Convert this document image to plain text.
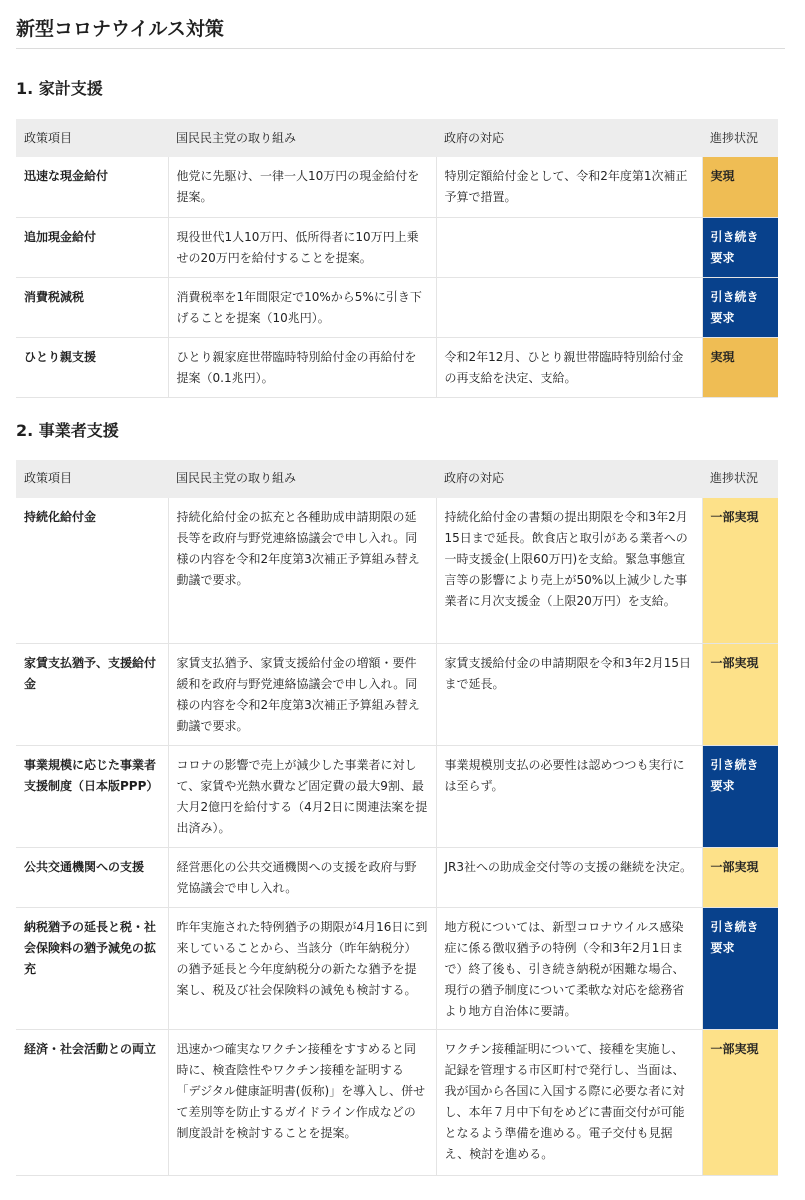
新型コロナウイルス対策
1. 家計支援
政策項目	国民民主党の取り組み	政府の対応	進捗状況
迅速な現金給付	他党に先駆け、一律一人10万円の現金給付を提案。	特別定額給付金として、令和2年度第1次補正予算で措置。	実現
追加現金給付	現役世代1人10万円、低所得者に10万円上乗せの20万円を給付することを提案。		引き続き要求
消費税減税	消費税率を1年間限定で10%から5%に引き下げることを提案（10兆円）。		引き続き要求
ひとり親支援	ひとり親家庭世帯臨時特別給付金の再給付を提案（0.1兆円）。	令和2年12月、ひとり親世帯臨時特別給付金の再支給を決定、支給。	実現
2. 事業者支援
政策項目	国民民主党の取り組み	政府の対応	進捗状況
持続化給付金	持続化給付金の拡充と各種助成申請期限の延長等を政府与野党連絡協議会で申し入れ。同様の内容を令和2年度第3次補正予算組み替え動議で要求。	持続化給付金の書類の提出期限を令和3年2月15日まで延長。飲食店と取引がある業者への一時支援金(上限60万円)を支給。緊急事態宣言等の影響により売上が50%以上減少した事業者に月次支援金（上限20万円）を支給。	一部実現
家賃支払猶予、支援給付金	家賃支払猶予、家賃支援給付金の増額・要件緩和を政府与野党連絡協議会で申し入れ。同様の内容を令和2年度第3次補正予算組み替え動議で要求。	家賃支援給付金の申請期限を令和3年2月15日まで延長。	一部実現
事業規模に応じた事業者支援制度（日本版PPP）	コロナの影響で売上が減少した事業者に対して、家賃や光熱水費など固定費の最大9割、最大月2億円を給付する（4月2日に関連法案を提出済み）。	事業規模別支払の必要性は認めつつも実行には至らず。	引き続き要求
公共交通機関への支援	経営悪化の公共交通機関への支援を政府与野党協議会で申し入れ。	JR3社への助成金交付等の支援の継続を決定。	一部実現
納税猶予の延長と税・社会保険料の猶予減免の拡充	昨年実施された特例猶予の期限が4月16日に到来していることから、当該分（昨年納税分）の猶予延長と今年度納税分の新たな猶予を提案し、税及び社会保険料の減免も検討する。	地方税については、新型コロナウイルス感染症に係る徴収猶予の特例（令和3年2月1日まで）終了後も、引き続き納税が困難な場合、現行の猶予制度について柔軟な対応を総務省より地方自治体に要請。	引き続き要求
経済・社会活動との両立	迅速かつ確実なワクチン接種をすすめると同時に、検査陰性やワクチン接種を証明する「デジタル健康証明書(仮称)」を導入し、併せて差別等を防止するガイドライン作成などの制度設計を検討することを提案。	ワクチン接種証明について、接種を実施し、記録を管理する市区町村で発行し、当面は、我が国から各国に入国する際に必要な者に対し、本年７月中下旬をめどに書面交付が可能となるよう準備を進める。電子交付も見据え、検討を進める。	一部実現
